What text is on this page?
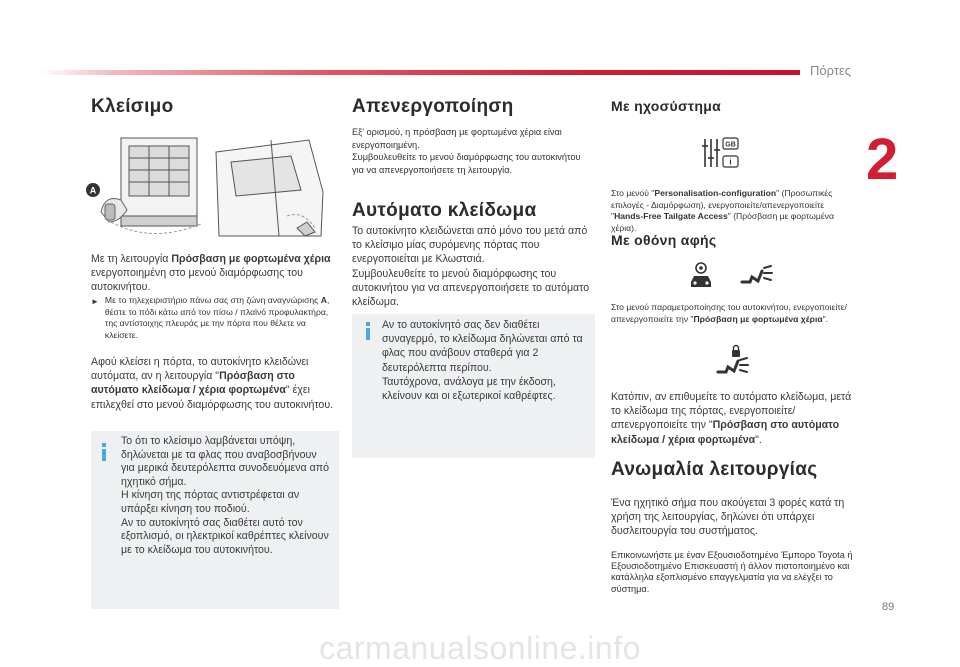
Πόρτες
2
89
Κλείσιμο
A

Με τη λειτουργία Πρόσβαση με φορτωμένα χέρια ενεργοποιημένη στο μενού διαμόρφωσης του αυτοκινήτου.

► Με το τηλεχειριστήριο πάνω σας στη ζώνη αναγνώρισης A, θέστε το πόδι κάτω από τον πίσω / πλαϊνό προφυλακτήρα, της αντίστοιχης πλευράς με την πόρτα που θέλετε να κλείσετε.

Αφού κλείσει η πόρτα, το αυτοκίνητο κλειδώνει αυτόματα, αν η λειτουργία "Πρόσβαση στο αυτόματο κλείδωμα / χέρια φορτωμένα" έχει επιλεχθεί στο μενού διαμόρφωσης του αυτοκινήτου.

Το ότι το κλείσιμο λαμβάνεται υπόψη, δηλώνεται με τα φλας που αναβοσβήνουν για μερικά δευτερόλεπτα συνοδευόμενα από ηχητικό σήμα.

Η κίνηση της πόρτας αντιστρέφεται αν υπάρξει κίνηση του ποδιού.

Αν το αυτοκίνητό σας διαθέτει αυτό τον εξοπλισμό, οι ηλεκτρικοί καθρέπτες κλείνουν με το κλείδωμα του αυτοκινήτου.

Απενεργοποίηση

Εξ' ορισμού, η πρόσβαση με φορτωμένα χέρια είναι ενεργοποιημένη.

Συμβουλευθείτε το μενού διαμόρφωσης του αυτοκινήτου για να απενεργοποιήσετε τη λειτουργία.

Αυτόματο κλείδωμα

Το αυτοκίνητο κλειδώνεται από μόνο του μετά από το κλείσιμο μίας συρόμενης πόρτας που ενεργοποιείται με Κλωστσιά.

Συμβουλευθείτε το μενού διαμόρφωσης του αυτοκινήτου για να απενεργοποιήσετε το αυτόματο κλείδωμα.

Αν το αυτοκίνητό σας δεν διαθέτει συναγερμό, το κλείδωμα δηλώνεται από τα φλας που ανάβουν σταθερά για 2 δευτερόλεπτα περίπου.

Ταυτόχρονα, ανάλογα με την έκδοση, κλείνουν και οι εξωτερικοί καθρέφτες.

Με ηχοσύστημα
GB
i

Στο μενού "Personalisation-configuration" (Προσωπικές επιλογές - Διαμόρφωση), ενεργοποιείτε/απενεργοποιείτε "Hands-Free Tailgate Access" (Πρόσβαση με φορτωμένα χέρια).

Με οθόνη αφής

Στο μενού παραμετροποίησης του αυτοκινήτου, ενεργοποιείτε/απενεργοποιείτε την "Πρόσβαση με φορτωμένα χέρια".

Κατόπιν, αν επιθυμείτε το αυτόματο κλείδωμα, μετά το κλείδωμα της πόρτας, ενεργοποιείτε/απενεργοποιείτε την "Πρόσβαση στο αυτόματο κλείδωμα / χέρια φορτωμένα".

Ανωμαλία λειτουργίας

Ένα ηχητικό σήμα που ακούγεται 3 φορές κατά τη χρήση της λειτουργίας, δηλώνει ότι υπάρχει δυσλειτουργία του συστήματος.

Επικοινωνήστε με έναν Εξουσιοδοτημένο Έμπορο Toyota ή Εξουσιοδοτημένο Επισκευαστή ή άλλον πιστοποιημένο και κατάλληλα εξοπλισμένο επαγγελματία για να ελέγξει το σύστημα.

carmanualsonline.info
